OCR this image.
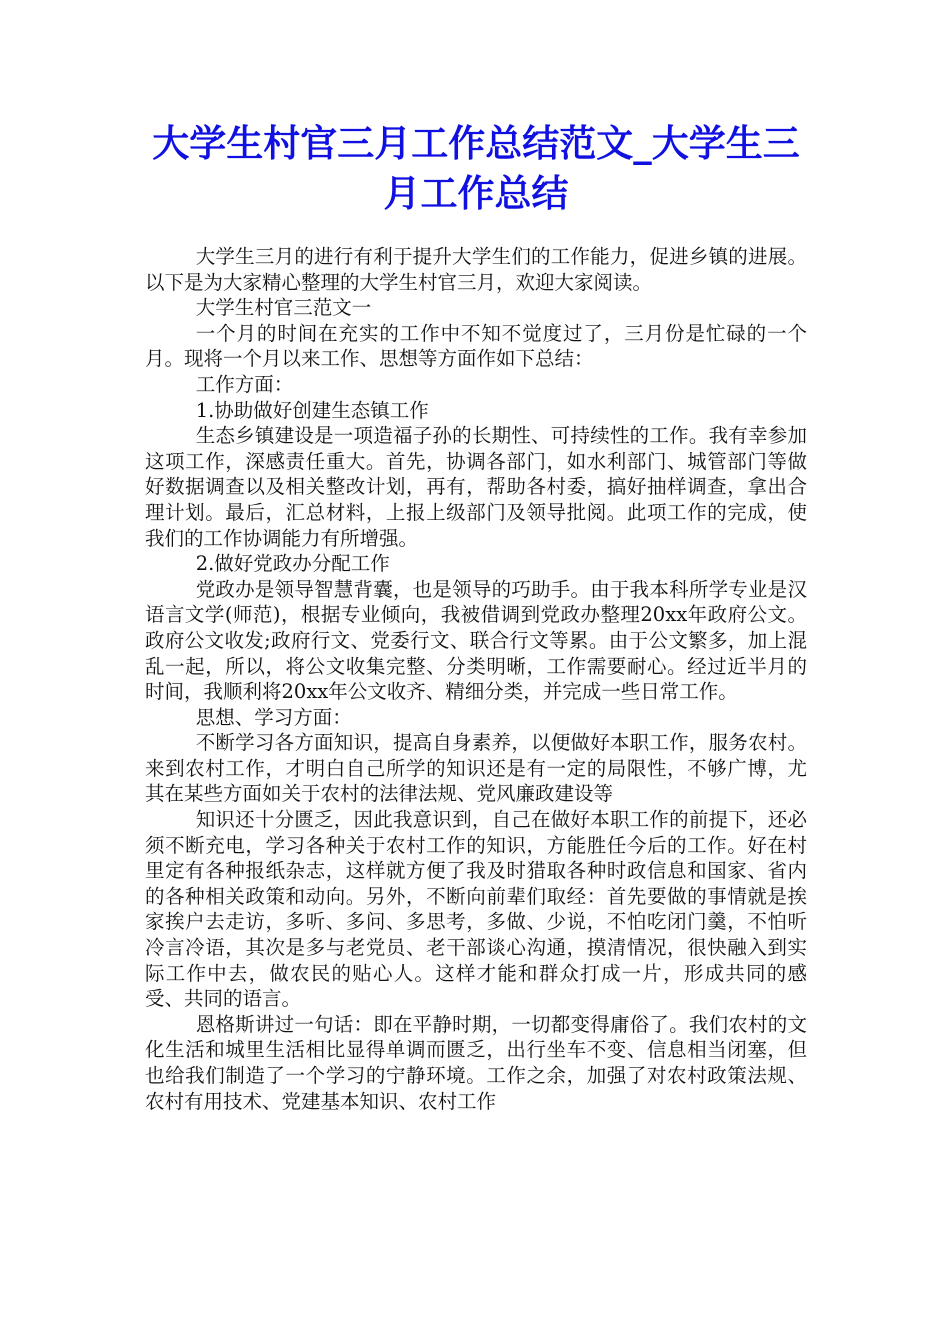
大学生村官三月工作总结范文_大学生三月工作总结

大学生三月的进行有利于提升大学生们的工作能力，促进乡镇的进展。以下是为大家精心整理的大学生村官三月，欢迎大家阅读。

大学生村官三范文一

一个月的时间在充实的工作中不知不觉度过了，三月份是忙碌的一个月。现将一个月以来工作、思想等方面作如下总结：

工作方面：

1.协助做好创建生态镇工作

生态乡镇建设是一项造福子孙的长期性、可持续性的工作。我有幸参加这项工作，深感责任重大。首先，协调各部门，如水利部门、城管部门等做好数据调查以及相关整改计划，再有，帮助各村委，搞好抽样调查，拿出合理计划。最后，汇总材料，上报上级部门及领导批阅。此项工作的完成，使我们的工作协调能力有所增强。

2.做好党政办分配工作

党政办是领导智慧背囊，也是领导的巧助手。由于我本科所学专业是汉语言文学(师范)，根据专业倾向，我被借调到党政办整理20xx年政府公文。政府公文收发;政府行文、党委行文、联合行文等累。由于公文繁多，加上混乱一起，所以，将公文收集完整、分类明晰，工作需要耐心。经过近半月的时间，我顺利将20xx年公文收齐、精细分类，并完成一些日常工作。

思想、学习方面：

不断学习各方面知识，提高自身素养，以便做好本职工作，服务农村。来到农村工作，才明白自己所学的知识还是有一定的局限性，不够广博，尤其在某些方面如关于农村的法律法规、党风廉政建设等

知识还十分匮乏，因此我意识到，自己在做好本职工作的前提下，还必须不断充电，学习各种关于农村工作的知识，方能胜任今后的工作。好在村里定有各种报纸杂志，这样就方便了我及时猎取各种时政信息和国家、省内的各种相关政策和动向。另外，不断向前辈们取经：首先要做的事情就是挨家挨户去走访，多听、多问、多思考，多做、少说，不怕吃闭门羹，不怕听冷言冷语，其次是多与老党员、老干部谈心沟通，摸清情况，很快融入到实际工作中去，做农民的贴心人。这样才能和群众打成一片，形成共同的感受、共同的语言。

恩格斯讲过一句话：即在平静时期，一切都变得庸俗了。我们农村的文化生活和城里生活相比显得单调而匮乏，出行坐车不变、信息相当闭塞，但也给我们制造了一个学习的宁静环境。工作之余，加强了对农村政策法规、农村有用技术、党建基本知识、农村工作
